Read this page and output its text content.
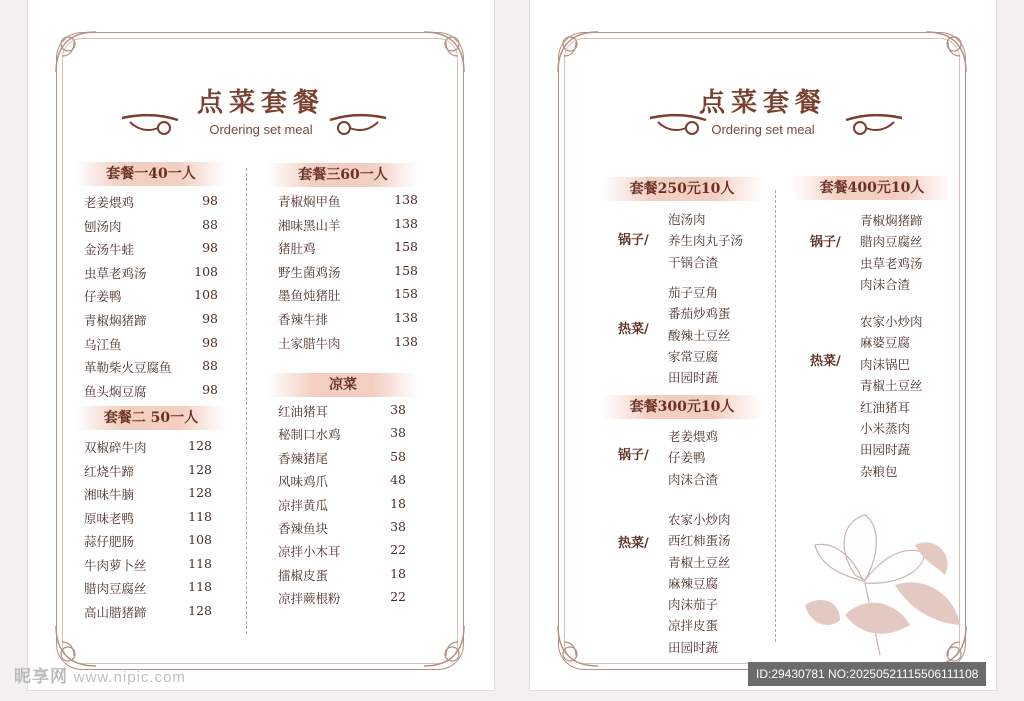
点菜套餐
Ordering set meal
套餐一40一人
老姜煨鸡	98
刨汤肉	88
金汤牛蛙	98
虫草老鸡汤	108
仔姜鸭	108
青椒焖猪蹄	98
乌江鱼	98
革勒柴火豆腐鱼 88
鱼头焖豆腐	98
套餐二 50一人
双椒碎牛肉	128
红烧牛蹄	128
湘味牛腩	128
原味老鸭	118
蒜仔肥肠	108
牛肉萝卜丝	118
腊肉豆腐丝	118
高山腊猪蹄	128
套餐三60一人
青椒焖甲鱼	138
湘味黑山羊	138
猪肚鸡	158
野生菌鸡汤	158
墨鱼炖猪肚	158
香辣牛排	138
土家腊牛肉	138
凉菜
红油猪耳	38
秘制口水鸡	38
香辣猪尾	58
风味鸡爪	48
凉拌黄瓜	18
香辣鱼块	38
凉拌小木耳	22
擂椒皮蛋	18
凉拌蕨根粉	22
点菜套餐
Ordering set meal
套餐250元10人
锅子/
泡汤肉
养生肉丸子汤
干锅合渣
热菜/
茄子豆角
番茄炒鸡蛋
酸辣土豆丝
家常豆腐
田园时蔬
套餐300元10人
锅子/
老姜煨鸡
仔姜鸭
肉沫合渣
热菜/
农家小炒肉
西红柿蛋汤
青椒土豆丝
麻辣豆腐
肉沫茄子
凉拌皮蛋
田园时蔬
套餐400元10人
锅子/
青椒焖猪蹄
腊肉豆腐丝
虫草老鸡汤
肉沫合渣
热菜/
农家小炒肉
麻婆豆腐
肉沫锅巴
青椒土豆丝
红油猪耳
小米蒸肉
田园时蔬
杂粮包
昵享网 www.nipic.com	ID:29430781 NO:20250521115506111108
